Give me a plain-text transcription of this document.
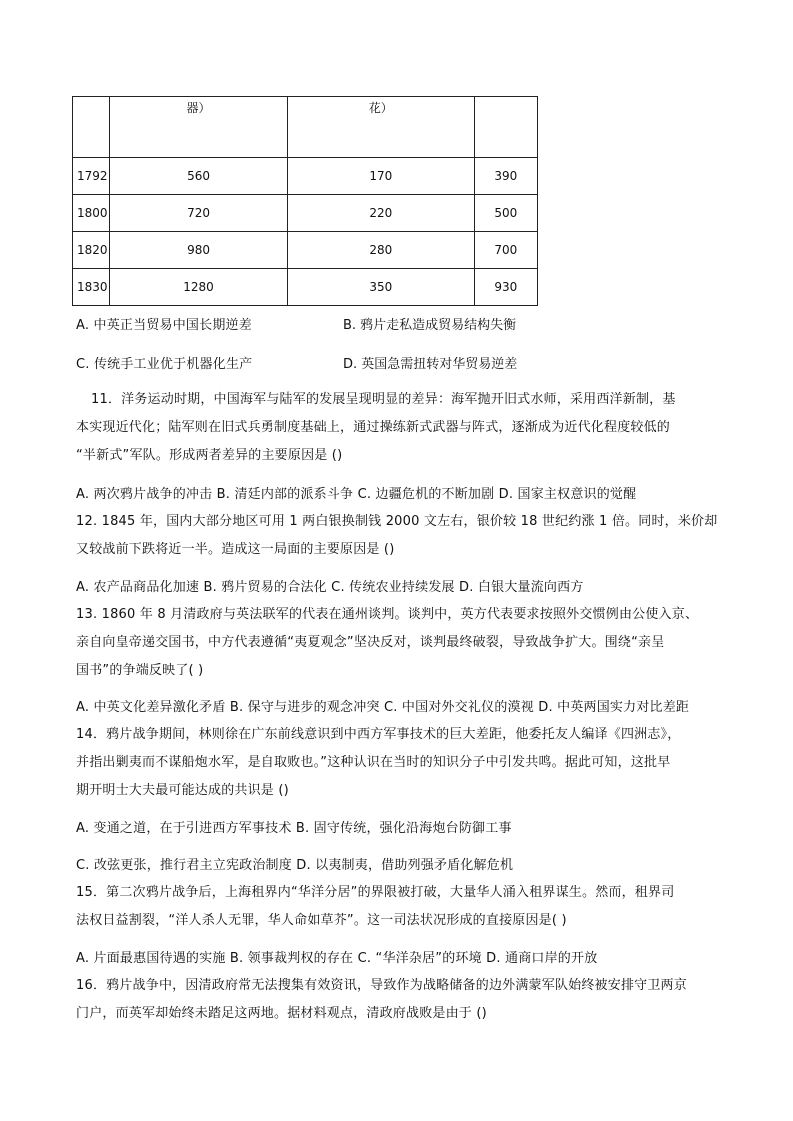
	器）	花）	
1792	560	170	390
1800	720	220	500
1820	980	280	700
1830	1280	350	930
A. 中英正当贸易中国长期逆差	B. 鸦片走私造成贸易结构失衡
C. 传统手工业优于机器化生产	D. 英国急需扭转对华贸易逆差
11．洋务运动时期，中国海军与陆军的发展呈现明显的差异：海军抛开旧式水师，采用西洋新制，基
本实现近代化；陆军则在旧式兵勇制度基础上，通过操练新式武器与阵式，逐渐成为近代化程度较低的
“半新式”军队。形成两者差异的主要原因是 ()
A. 两次鸦片战争的冲击 B. 清廷内部的派系斗争 C. 边疆危机的不断加剧 D. 国家主权意识的觉醒
12. 1845 年，国内大部分地区可用 1 两白银换制钱 2000 文左右，银价较 18 世纪约涨 1 倍。同时，米价却
又较战前下跌将近一半。造成这一局面的主要原因是 ()
A. 农产品商品化加速 B. 鸦片贸易的合法化 C. 传统农业持续发展 D. 白银大量流向西方
13. 1860 年 8 月清政府与英法联军的代表在通州谈判。谈判中，英方代表要求按照外交惯例由公使入京、
亲自向皇帝递交国书，中方代表遵循“夷夏观念”坚决反对，谈判最终破裂，导致战争扩大。围绕“亲呈
国书”的争端反映了( )
A. 中英文化差异激化矛盾 B. 保守与进步的观念冲突 C. 中国对外交礼仪的漠视 D. 中英两国实力对比差距
14．鸦片战争期间，林则徐在广东前线意识到中西方军事技术的巨大差距，他委托友人编译《四洲志》，
并指出剿夷而不谋船炮水军，是自取败也。”这种认识在当时的知识分子中引发共鸣。据此可知，这批早
期开明士大夫最可能达成的共识是 ()
A. 变通之道，在于引进西方军事技术 B. 固守传统，强化沿海炮台防御工事
C. 改弦更张，推行君主立宪政治制度 D. 以夷制夷，借助列强矛盾化解危机
15．第二次鸦片战争后，上海租界内“华洋分居”的界限被打破，大量华人涌入租界谋生。然而，租界司
法权日益割裂，“洋人杀人无罪，华人命如草芥”。这一司法状况形成的直接原因是( )
A. 片面最惠国待遇的实施 B. 领事裁判权的存在 C. “华洋杂居”的环境 D. 通商口岸的开放
16．鸦片战争中，因清政府常无法搜集有效资讯，导致作为战略储备的边外满蒙军队始终被安排守卫两京
门户，而英军却始终未踏足这两地。据材料观点，清政府战败是由于 ()
